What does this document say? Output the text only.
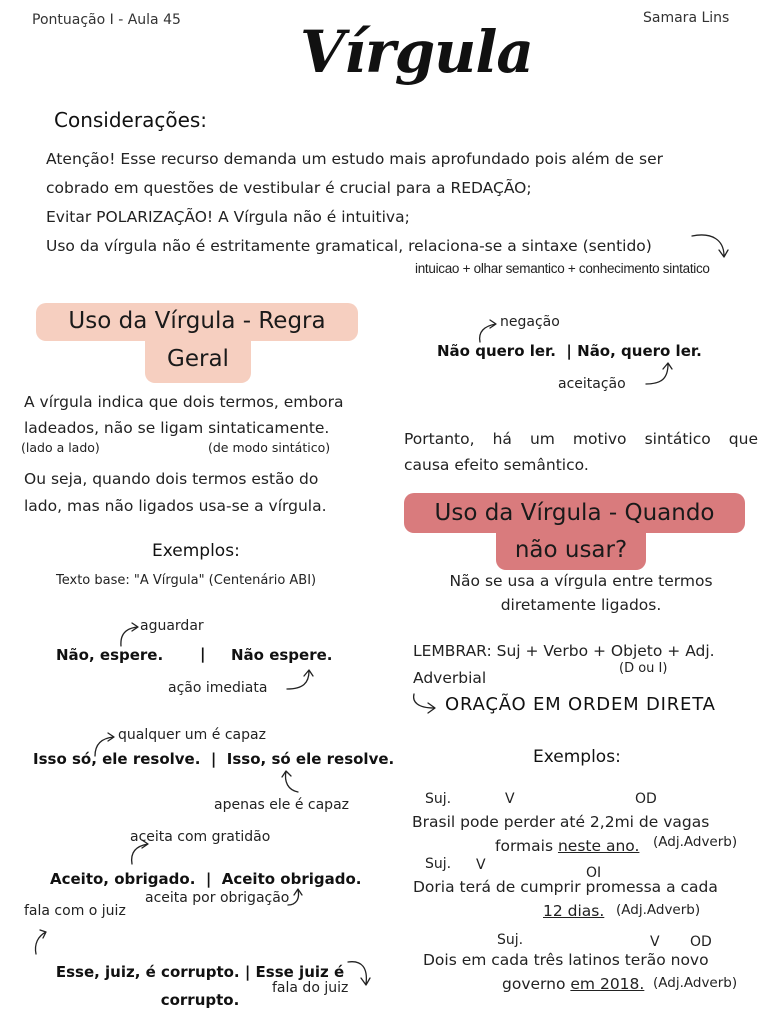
Pontuação I - Aula 45	Samara Lins
Vírgula
Considerações:
Atenção! Esse recurso demanda um estudo mais aprofundado pois além de ser
cobrado em questões de vestibular é crucial para a REDAÇÃO;
Evitar POLARIZAÇÃO! A Vírgula não é intuitiva;
Uso da vírgula não é estritamente gramatical, relaciona-se a sintaxe (sentido)
intuicao + olhar semantico + conhecimento sintatico
Uso da Vírgula - Regra
Geral
A vírgula indica que dois termos, embora
ladeados, não se ligam sintaticamente.
(lado a lado)	(de modo sintático)
Ou seja, quando dois termos estão do
lado, mas não ligados usa-se a vírgula.
Exemplos:
Texto base: "A Vírgula" (Centenário ABI)
aguardar
Não, espere. | Não espere.
ação imediata
qualquer um é capaz
Isso só, ele resolve.  |  Isso, só ele resolve.
apenas ele é capaz
aceita com gratidão
Aceito, obrigado.  |  Aceito obrigado.
aceita por obrigação
fala com o juiz
Esse, juiz, é corrupto. | Esse juiz é
corrupto.
fala do juiz
negação
Não quero ler.  | Não, quero ler.
aceitação
Portanto, há um motivo sintático que
causa efeito semântico.
Uso da Vírgula - Quando
não usar?
Não se usa a vírgula entre termos
diretamente ligados.
LEMBRAR: Suj + Verbo + Objeto + Adj.
(D ou I)
Adverbial
ORAÇÃO EM ORDEM DIRETA
Exemplos:
Suj.	V	OD
Brasil pode perder até 2,2mi de vagas
formais neste ano. (Adj.Adverb)
Suj. V	OI
Doria terá de cumprir promessa a cada
12 dias. (Adj.Adverb)
Suj.	V OD
Dois em cada três latinos terão novo
governo em 2018. (Adj.Adverb)
